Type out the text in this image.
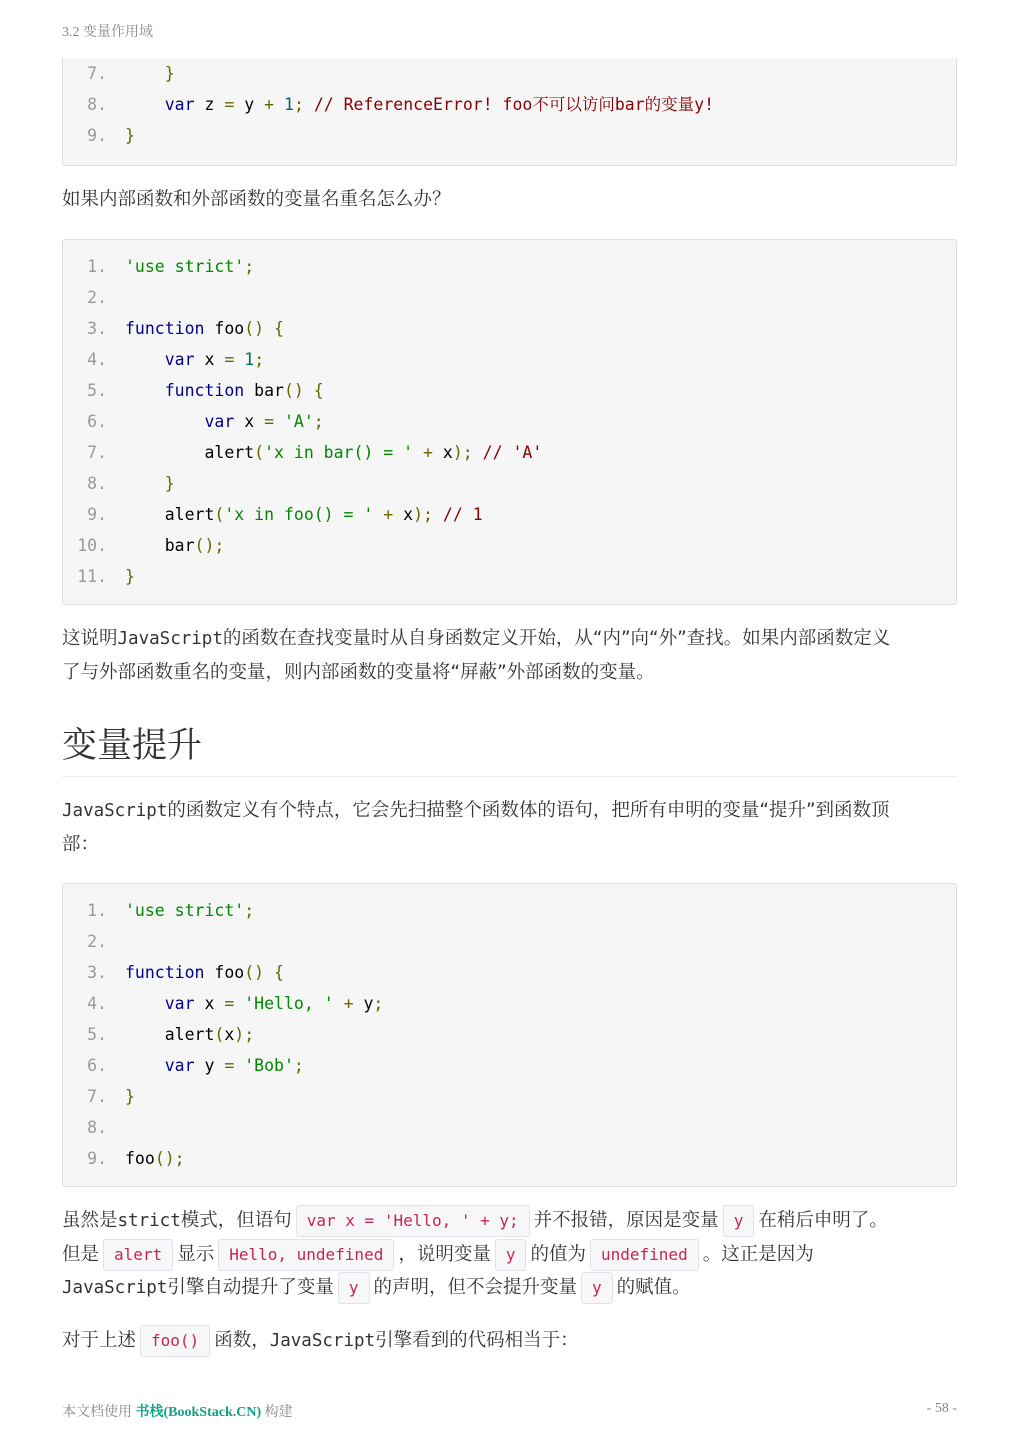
3.2 变量作用域
7.	}
8.	var z = y + 1; // ReferenceError! foo不可以访问bar的变量y!
9. }
如果内部函数和外部函数的变量名重名怎么办？
1. 'use strict';
2.
3. function foo() {
4.	var x = 1;
5.	function bar() {
6.	var x = 'A';
7. alert('x in bar() = ' + x); // 'A'
8.	}
9. alert('x in foo() = ' + x); // 1
10. bar();
11. }
这说明JavaScript的函数在查找变量时从自身函数定义开始，从“内”向“外”查找。如果内部函数定义
了与外部函数重名的变量，则内部函数的变量将“屏蔽”外部函数的变量。
变量提升
JavaScript的函数定义有个特点，它会先扫描整个函数体的语句，把所有申明的变量“提升”到函数顶
部：
1. 'use strict';
2.
3. function foo() {
4.	var x = 'Hello, ' + y;
5. alert(x);
6.	var y = 'Bob';
7. }
8.
9. foo();
虽然是strict模式，但语句 var x = 'Hello, ' + y; 并不报错，原因是变量 y 在稍后申明了。
但是 alert 显示 Hello, undefined ，说明变量 y 的值为 undefined 。这正是因为
JavaScript引擎自动提升了变量 y 的声明，但不会提升变量 y 的赋值。
对于上述 foo() 函数，JavaScript引擎看到的代码相当于：
本文档使用 书栈(BookStack.CN) 构建	- 58 -
